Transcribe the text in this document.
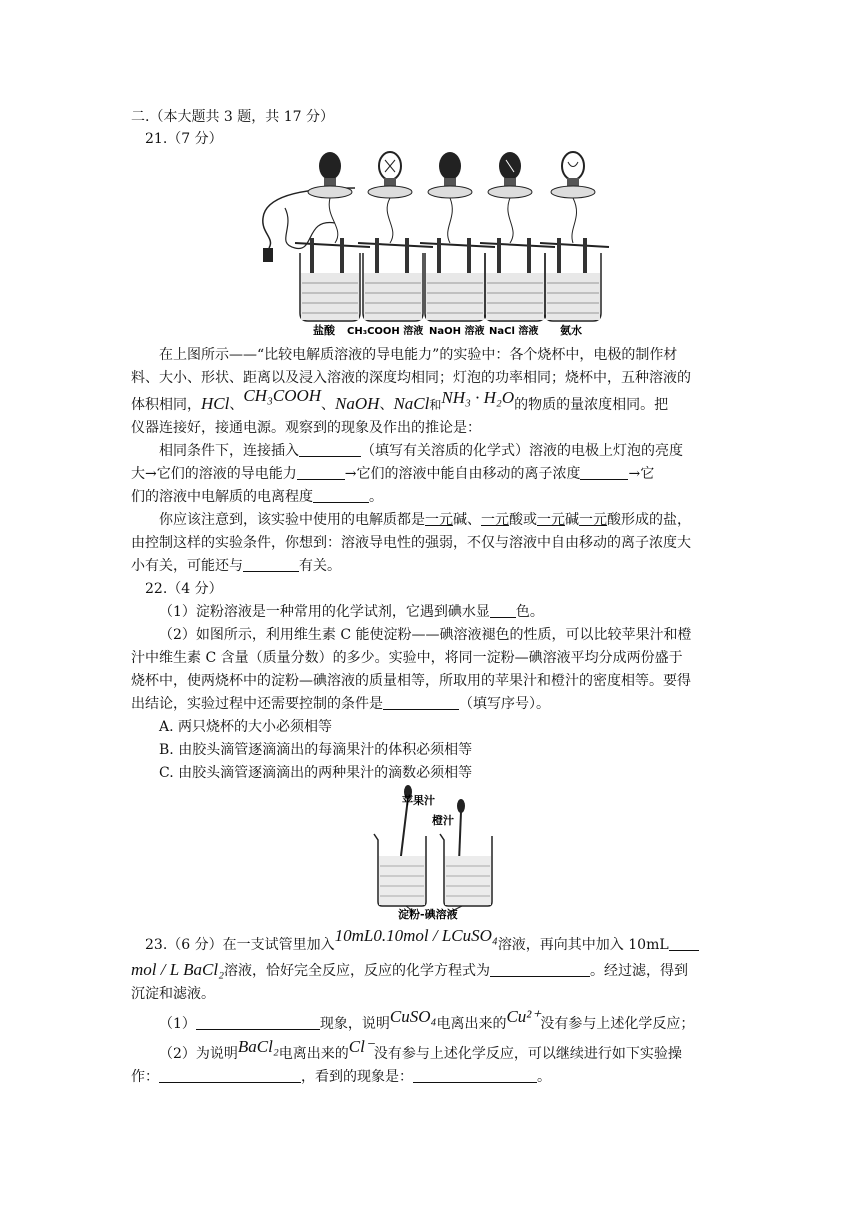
二.（本大题共 3 题，共 17 分）
21.（7 分）
盐酸 CH₃COOH 溶液 NaOH 溶液 NaCl 溶液 氨水
在上图所示——“比较电解质溶液的导电能力”的实验中：各个烧杯中，电极的制作材
料、大小、形状、距离以及浸入溶液的深度均相同；灯泡的功率相同；烧杯中，五种溶液的
体积相同，HCl、CH₃COOH、NaOH、NaCl和NH₃ · H₂O的物质的量浓度相同。把
仪器连接好，接通电源。观察到的现象及作出的推论是：
相同条件下，连接插入	（填写有关溶质的化学式）溶液的电极上灯泡的亮度
大→它们的溶液的导电能力	→它们的溶液中能自由移动的离子浓度	→它
们的溶液中电解质的电离程度	。
你应该注意到，该实验中使用的电解质都是一元碱、一元酸或一元碱一元酸形成的盐，
由控制这样的实验条件，你想到：溶液导电性的强弱，不仅与溶液中自由移动的离子浓度大
小有关，可能还与	有关。
22.（4 分）
（1）淀粉溶液是一种常用的化学试剂，它遇到碘水显 色。
（2）如图所示，利用维生素 C 能使淀粉——碘溶液褪色的性质，可以比较苹果汁和橙
汁中维生素 C 含量（质量分数）的多少。实验中，将同一淀粉—碘溶液平均分成两份盛于
烧杯中，使两烧杯中的淀粉—碘溶液的质量相等，所取用的苹果汁和橙汁的密度相等。要得
出结论，实验过程中还需要控制的条件是	（填写序号）。
A. 两只烧杯的大小必须相等
B. 由胶头滴管逐滴滴出的每滴果汁的体积必须相等
C. 由胶头滴管逐滴滴出的两种果汁的滴数必须相等
苹果汁
橙汁
淀粉-碘溶液
23.（6 分）在一支试管里加入10mL0.10mol / LCuSO₄溶液，再向其中加入 10mL
mol / L BaCl₂溶液，恰好完全反应，反应的化学方程式为	。经过滤，得到
沉淀和滤液。
（1）	现象，说明CuSO₄电离出来的Cu²⁺没有参与上述化学反应；
（2）为说明BaCl₂电离出来的Cl⁻没有参与上述化学反应，可以继续进行如下实验操
作：	，看到的现象是：	。
